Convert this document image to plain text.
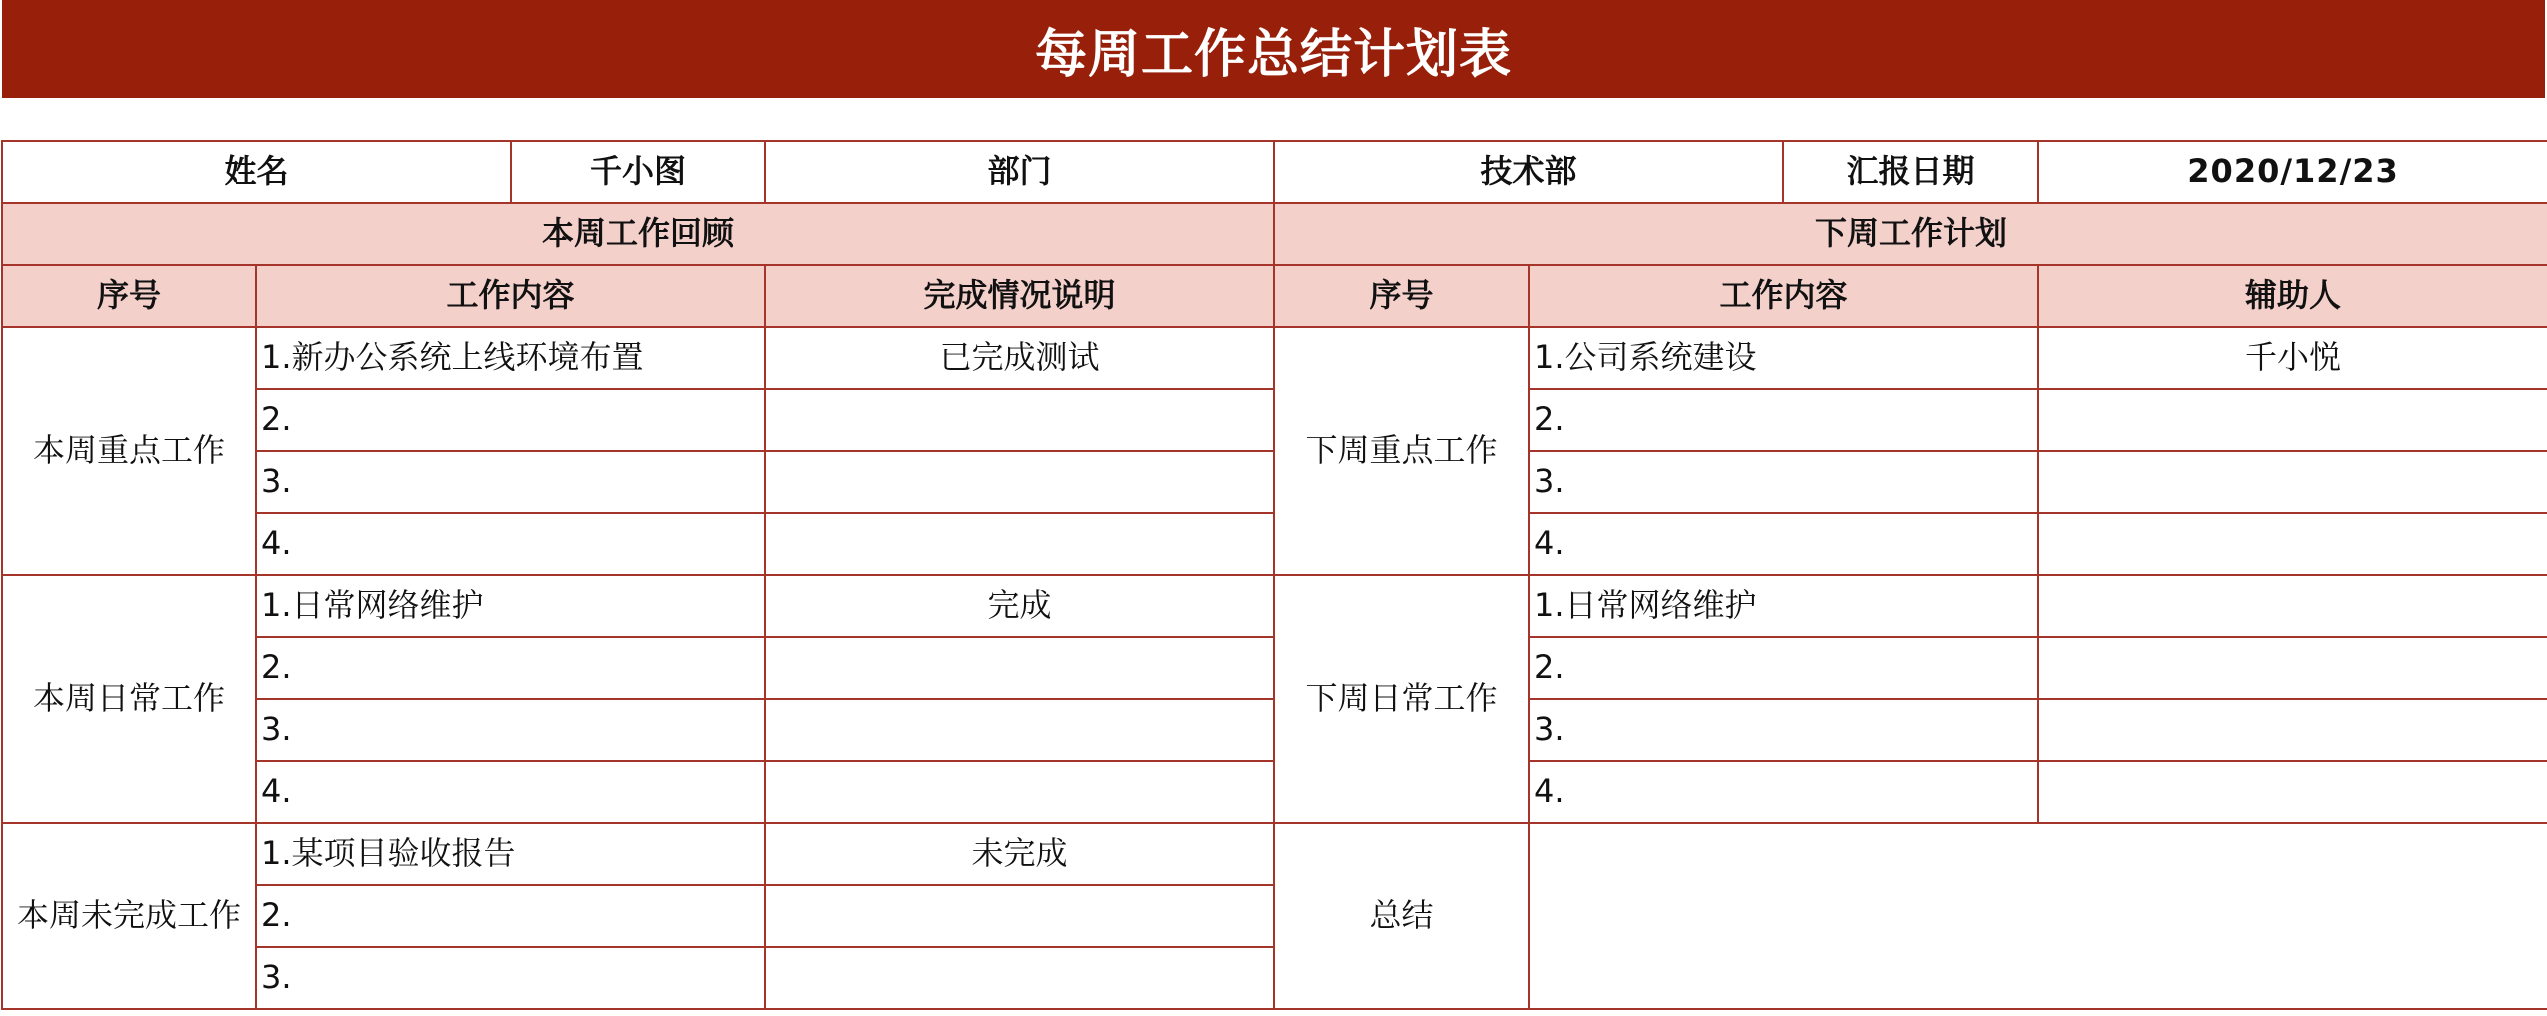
每周工作总结计划表
姓名		千小图	部门	技术部		汇报日期	2020/12/23
本周工作回顾				下周工作计划			
序号	工作内容		完成情况说明	序号	工作内容		辅助人
本周重点工作	1.新办公系统上线环境布置		已完成测试	下周重点工作	1.公司系统建设		千小悦
	2.				2.		
	3.				3.		
	4.				4.		
本周日常工作	1.日常网络维护		完成	下周日常工作	1.日常网络维护		
	2.				2.		
	3.				3.		
	4.				4.		
本周未完成工作	1.某项目验收报告		未完成	总结			
	2.						
	3.						
